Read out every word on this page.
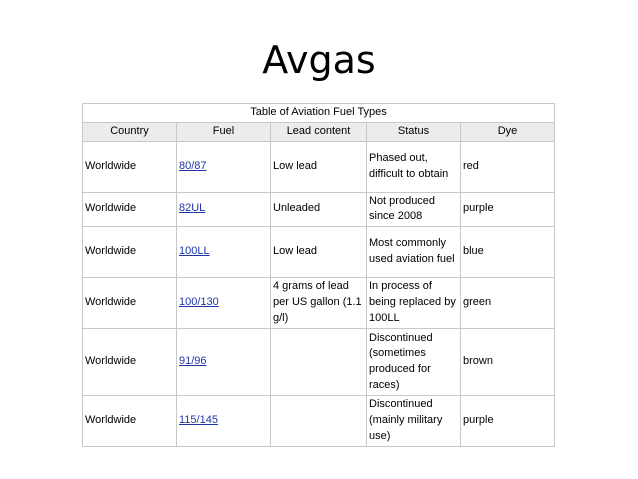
Avgas
Table of Aviation Fuel Types				
Country	Fuel	Lead content	Status	Dye
Worldwide	80/87	Low lead	Phased out, difficult to obtain	red
Worldwide	82UL	Unleaded	Not produced since 2008	purple
Worldwide	100LL	Low lead	Most commonly used aviation fuel	blue
Worldwide	100/130	4 grams of lead per US gallon (1.1 g/l)	In process of being replaced by 100LL	green
Worldwide	91/96		Discontinued (sometimes produced for races)	brown
Worldwide	115/145		Discontinued (mainly military use)	purple
